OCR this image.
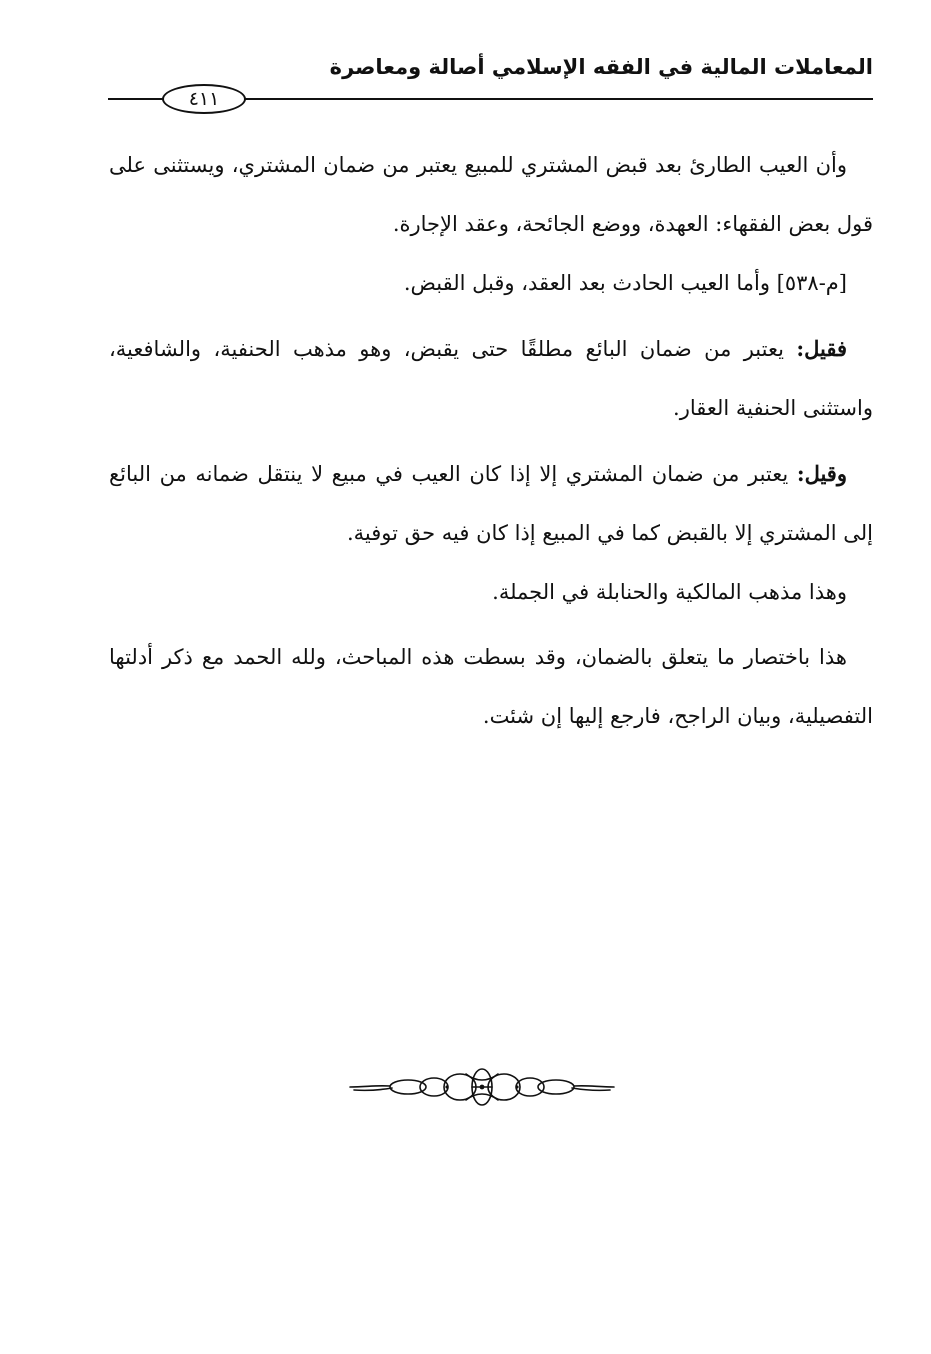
المعاملات المالية في الفقه الإسلامي أصالة ومعاصرة
٤١١

وأن العيب الطارئ بعد قبض المشتري للمبيع يعتبر من ضمان المشتري، ويستثنى على قول بعض الفقهاء: العهدة، ووضع الجائحة، وعقد الإجارة.

[م-٥٣٨] وأما العيب الحادث بعد العقد، وقبل القبض.

فقيل: يعتبر من ضمان البائع مطلقًا حتى يقبض، وهو مذهب الحنفية، والشافعية، واستثنى الحنفية العقار.

وقيل: يعتبر من ضمان المشتري إلا إذا كان العيب في مبيع لا ينتقل ضمانه من البائع إلى المشتري إلا بالقبض كما في المبيع إذا كان فيه حق توفية.

وهذا مذهب المالكية والحنابلة في الجملة.

هذا باختصار ما يتعلق بالضمان، وقد بسطت هذه المباحث، ولله الحمد مع ذكر أدلتها التفصيلية، وبيان الراجح، فارجع إليها إن شئت.
